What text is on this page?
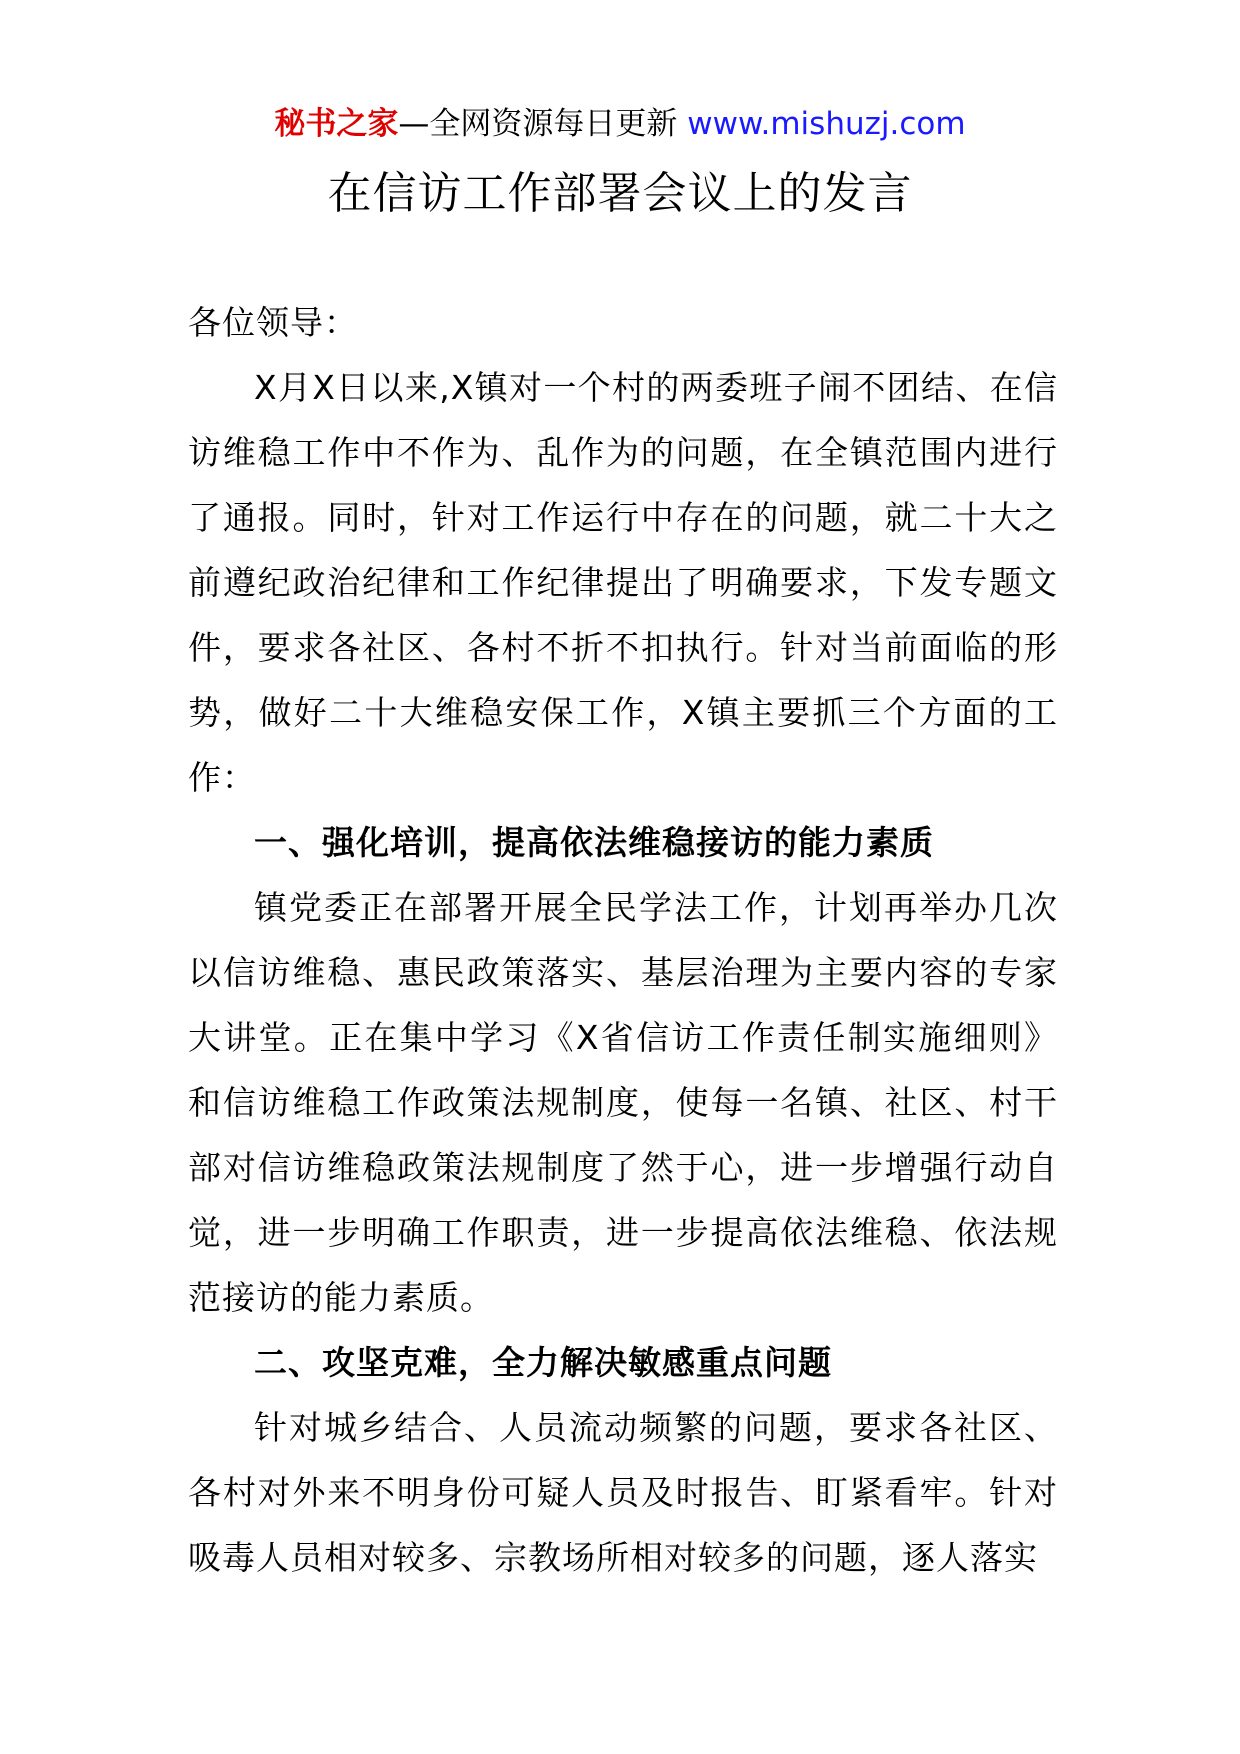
秘书之家—全网资源每日更新 www.mishuzj.com
在信访工作部署会议上的发言

各位领导：

X月X日以来,X镇对一个村的两委班子闹不团结、在信访维稳工作中不作为、乱作为的问题，在全镇范围内进行了通报。同时，针对工作运行中存在的问题，就二十大之前遵纪政治纪律和工作纪律提出了明确要求，下发专题文件，要求各社区、各村不折不扣执行。针对当前面临的形势，做好二十大维稳安保工作，X镇主要抓三个方面的工作：

一、强化培训，提高依法维稳接访的能力素质

镇党委正在部署开展全民学法工作，计划再举办几次以信访维稳、惠民政策落实、基层治理为主要内容的专家大讲堂。正在集中学习《X省信访工作责任制实施细则》和信访维稳工作政策法规制度，使每一名镇、社区、村干部对信访维稳政策法规制度了然于心，进一步增强行动自觉，进一步明确工作职责，进一步提高依法维稳、依法规范接访的能力素质。

二、攻坚克难，全力解决敏感重点问题

针对城乡结合、人员流动频繁的问题，要求各社区、各村对外来不明身份可疑人员及时报告、盯紧看牢。针对吸毒人员相对较多、宗教场所相对较多的问题，逐人落实
